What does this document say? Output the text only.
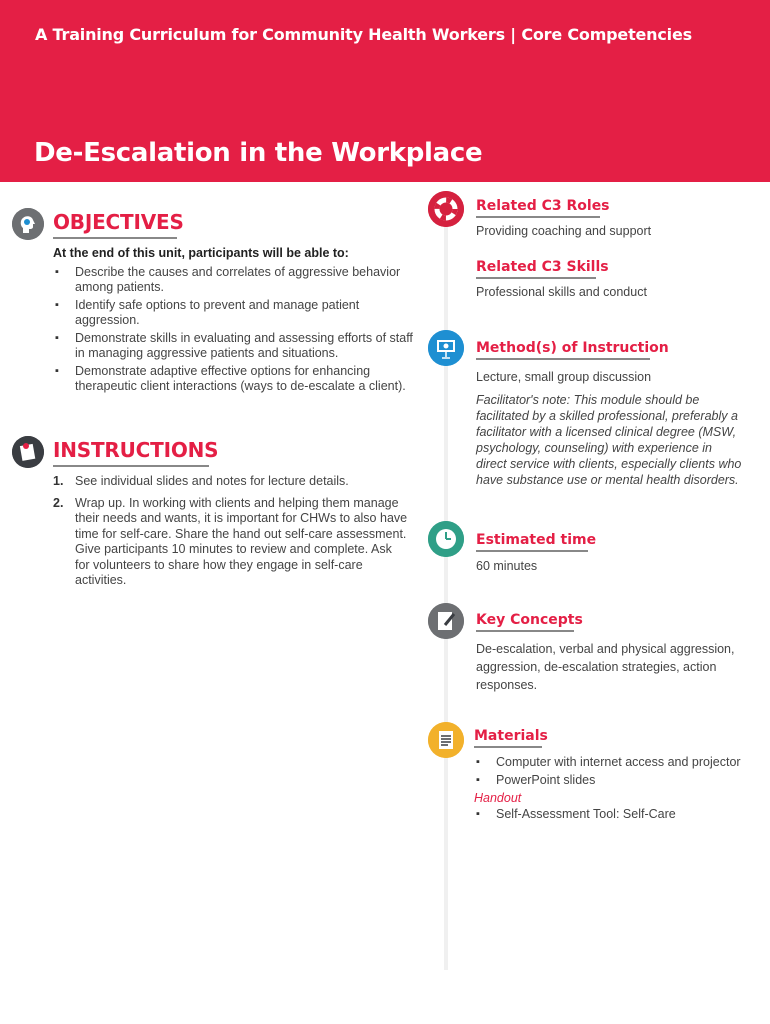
A Training Curriculum for Community Health Workers | Core Competencies
De-Escalation in the Workplace
OBJECTIVES
At the end of this unit, participants will be able to:
▪ Describe the causes and correlates of aggressive behavior among patients.
▪ Identify safe options to prevent and manage patient aggression.
▪ Demonstrate skills in evaluating and assessing efforts of staff in managing aggressive patients and situations.
▪ Demonstrate adaptive effective options for enhancing therapeutic client interactions (ways to de-escalate a client).
INSTRUCTIONS
1. See individual slides and notes for lecture details.
2. Wrap up. In working with clients and helping them manage their needs and wants, it is important for CHWs to also have time for self-care. Share the hand out self-care assessment. Give participants 10 minutes to review and complete. Ask for volunteers to share how they engage in self-care activities.
Related C3 Roles
Providing coaching and support
Related C3 Skills
Professional skills and conduct
Method(s) of Instruction
Lecture, small group discussion
Facilitator's note: This module should be facilitated by a skilled professional, preferably a facilitator with a licensed clinical degree (MSW, psychology, counseling) with experience in direct service with clients, especially clients who have substance use or mental health disorders.
Estimated time
60 minutes
Key Concepts
De-escalation, verbal and physical aggression, aggression, de-escalation strategies, action responses.
Materials
▪ Computer with internet access and projector
▪ PowerPoint slides
Handout
▪ Self-Assessment Tool: Self-Care
